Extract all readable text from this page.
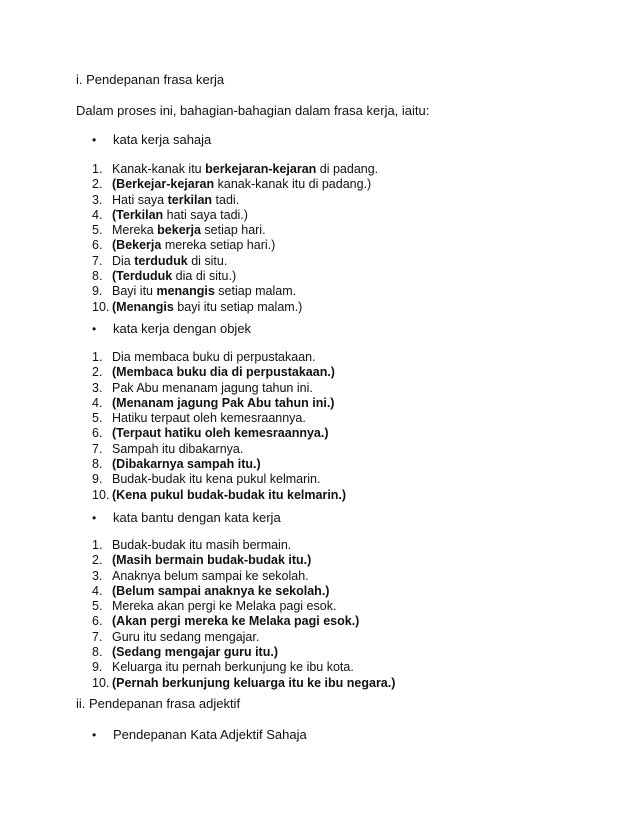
i. Pendepanan frasa kerja
Dalam proses ini, bahagian-bahagian dalam frasa kerja, iaitu:
• kata kerja sahaja
1. Kanak-kanak itu berkejaran-kejaran di padang.
2. (Berkejar-kejaran kanak-kanak itu di padang.)
3. Hati saya terkilan tadi.
4. (Terkilan hati saya tadi.)
5. Mereka bekerja setiap hari.
6. (Bekerja mereka setiap hari.)
7. Dia terduduk di situ.
8. (Terduduk dia di situ.)
9. Bayi itu menangis setiap malam.
10. (Menangis bayi itu setiap malam.)
• kata kerja dengan objek
1. Dia membaca buku di perpustakaan.
2. (Membaca buku dia di perpustakaan.)
3. Pak Abu menanam jagung tahun ini.
4. (Menanam jagung Pak Abu tahun ini.)
5. Hatiku terpaut oleh kemesraannya.
6. (Terpaut hatiku oleh kemesraannya.)
7. Sampah itu dibakarnya.
8. (Dibakarnya sampah itu.)
9. Budak-budak itu kena pukul kelmarin.
10. (Kena pukul budak-budak itu kelmarin.)
• kata bantu dengan kata kerja
1. Budak-budak itu masih bermain.
2. (Masih bermain budak-budak itu.)
3. Anaknya belum sampai ke sekolah.
4. (Belum sampai anaknya ke sekolah.)
5. Mereka akan pergi ke Melaka pagi esok.
6. (Akan pergi mereka ke Melaka pagi esok.)
7. Guru itu sedang mengajar.
8. (Sedang mengajar guru itu.)
9. Keluarga itu pernah berkunjung ke ibu kota.
10. (Pernah berkunjung keluarga itu ke ibu negara.)
ii. Pendepanan frasa adjektif
• Pendepanan Kata Adjektif Sahaja
